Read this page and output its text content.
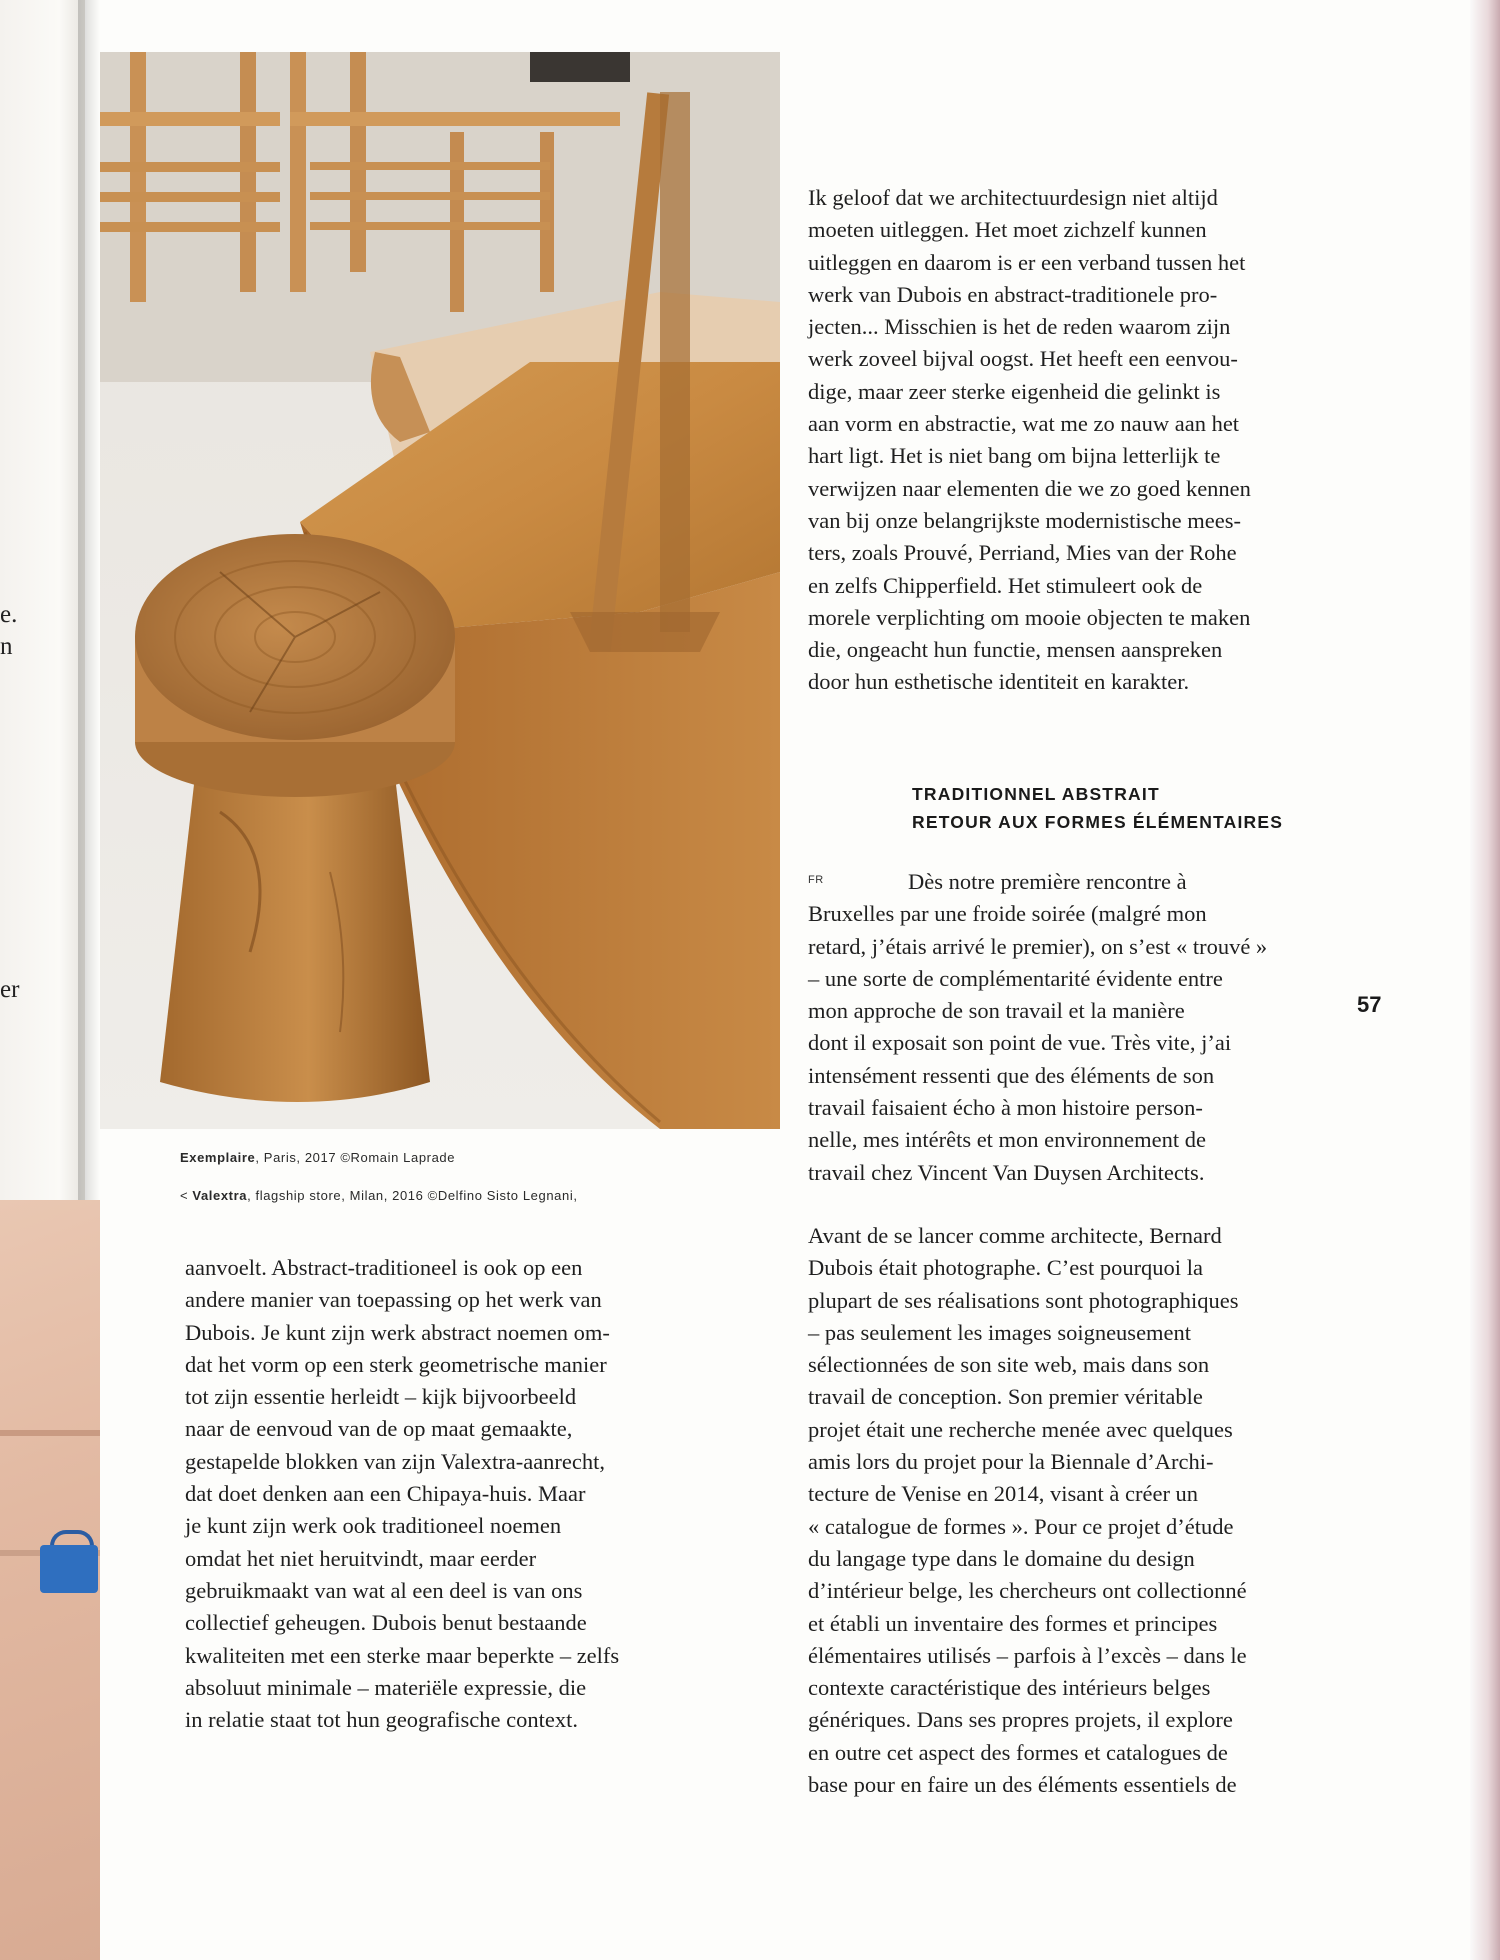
e.
n
er
Exemplaire, Paris, 2017 ©Romain Laprade
< Valextra, flagship store, Milan, 2016 ©Delfino Sisto Legnani,
Ik geloof dat we architectuurdesign niet altijd
moeten uitleggen. Het moet zichzelf kunnen
uitleggen en daarom is er een verband tussen het
werk van Dubois en abstract-traditionele pro-
jecten... Misschien is het de reden waarom zijn
werk zoveel bijval oogst. Het heeft een eenvou-
dige, maar zeer sterke eigenheid die gelinkt is
aan vorm en abstractie, wat me zo nauw aan het
hart ligt. Het is niet bang om bijna letterlijk te
verwijzen naar elementen die we zo goed kennen
van bij onze belangrijkste modernistische mees-
ters, zoals Prouvé, Perriand, Mies van der Rohe
en zelfs Chipperfield. Het stimuleert ook de
morele verplichting om mooie objecten te maken
die, ongeacht hun functie, mensen aanspreken
door hun esthetische identiteit en karakter.
TRADITIONNEL ABSTRAIT
RETOUR AUX FORMES ÉLÉMENTAIRES
FR	Dès notre première rencontre à
Bruxelles par une froide soirée (malgré mon
retard, j’étais arrivé le premier), on s’est « trouvé »
– une sorte de complémentarité évidente entre
mon approche de son travail et la manière
dont il exposait son point de vue. Très vite, j’ai
intensément ressenti que des éléments de son
travail faisaient écho à mon histoire person-
nelle, mes intérêts et mon environnement de
travail chez Vincent Van Duysen Architects.
57
Avant de se lancer comme architecte, Bernard
Dubois était photographe. C’est pourquoi la
plupart de ses réalisations sont photographiques
– pas seulement les images soigneusement
sélectionnées de son site web, mais dans son
travail de conception. Son premier véritable
projet était une recherche menée avec quelques
amis lors du projet pour la Biennale d’Archi-
tecture de Venise en 2014, visant à créer un
« catalogue de formes ». Pour ce projet d’étude
du langage type dans le domaine du design
d’intérieur belge, les chercheurs ont collectionné
et établi un inventaire des formes et principes
élémentaires utilisés – parfois à l’excès – dans le
contexte caractéristique des intérieurs belges
génériques. Dans ses propres projets, il explore
en outre cet aspect des formes et catalogues de
base pour en faire un des éléments essentiels de
aanvoelt. Abstract-traditioneel is ook op een
andere manier van toepassing op het werk van
Dubois. Je kunt zijn werk abstract noemen om-
dat het vorm op een sterk geometrische manier
tot zijn essentie herleidt – kijk bijvoorbeeld
naar de eenvoud van de op maat gemaakte,
gestapelde blokken van zijn Valextra-aanrecht,
dat doet denken aan een Chipaya-huis. Maar
je kunt zijn werk ook traditioneel noemen
omdat het niet heruitvindt, maar eerder
gebruikmaakt van wat al een deel is van ons
collectief geheugen. Dubois benut bestaande
kwaliteiten met een sterke maar beperkte – zelfs
absoluut minimale – materiële expressie, die
in relatie staat tot hun geografische context.
